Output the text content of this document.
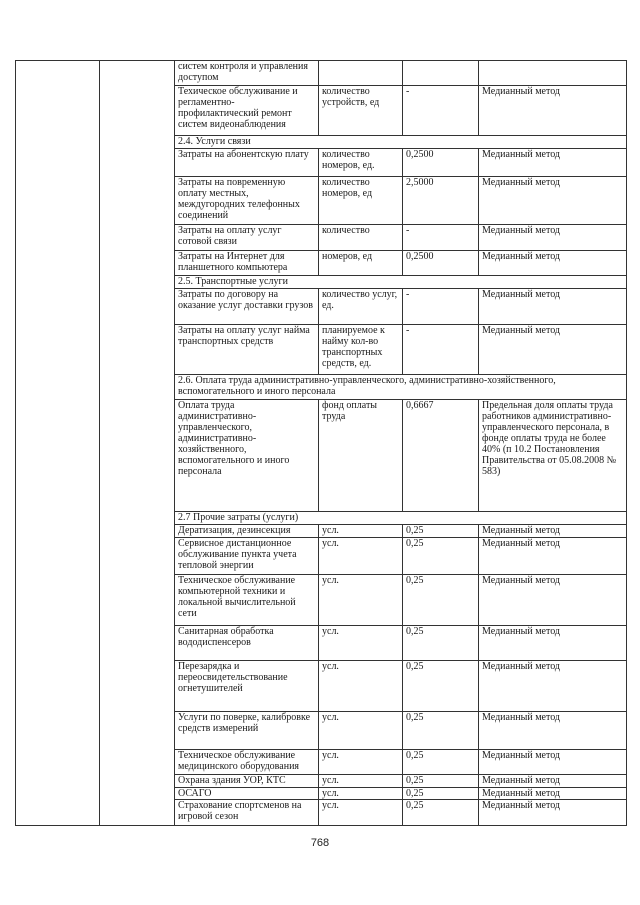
		систем контроля и управления доступом			
		Техическое обслуживание и регламентно-профилактический ремонт систем видеонаблюдения	количество устройств, ед	-	Медианный метод
		2.4. Услуги связи			
		Затраты на абонентскую плату	количество номеров, ед.	0,2500	Медианный метод
		Затраты на повременную оплату местных, междугородних телефонных соединений	количество номеров, ед	2,5000	Медианный метод
		Затраты на оплату услуг сотовой связи	количество	-	Медианный метод
		Затраты на Интернет для планшетного компьютера	номеров, ед	0,2500	Медианный метод
		2.5. Транспортные услуги			
		Затраты по договору на оказание услуг доставки грузов	количество услуг, ед.	-	Медианный метод
		Затраты на оплату услуг найма транспортных средств	планируемое к найму кол-во транспортных средств, ед.	-	Медианный метод
		2.6. Оплата труда административно-управленческого, административно-хозяйственного, вспомогательного и иного персонала			
		Оплата труда административно-управленческого, административно-хозяйственного, вспомогательного и иного персонала	фонд оплаты труда	0,6667	Предельная доля оплаты труда работников административно-управленческого персонала, в фонде оплаты труда не более 40% (п 10.2 Постановления Правительства от 05.08.2008 № 583)
		2.7 Прочие затраты (услуги)			
		Дератизация, дезинсекция	усл.	0,25	Медианный метод
		Сервисное дистанционное обслуживание пункта учета тепловой энергии	усл.	0,25	Медианный метод
		Техническое обслуживание компьютерной техники и локальной вычислительной сети	усл.	0,25	Медианный метод
		Санитарная обработка вододиспенсеров	усл.	0,25	Медианный метод
		Перезарядка и переосвидетельствование огнетушителей	усл.	0,25	Медианный метод
		Услуги по поверке, калибровке средств измерений	усл.	0,25	Медианный метод
		Техническое обслуживание медицинского оборудования	усл.	0,25	Медианный метод
		Охрана здания УОР, КТС	усл.	0,25	Медианный метод
		ОСАГО	усл.	0,25	Медианный метод
		Страхование спортсменов на игровой сезон	усл.	0,25	Медианный метод
768
